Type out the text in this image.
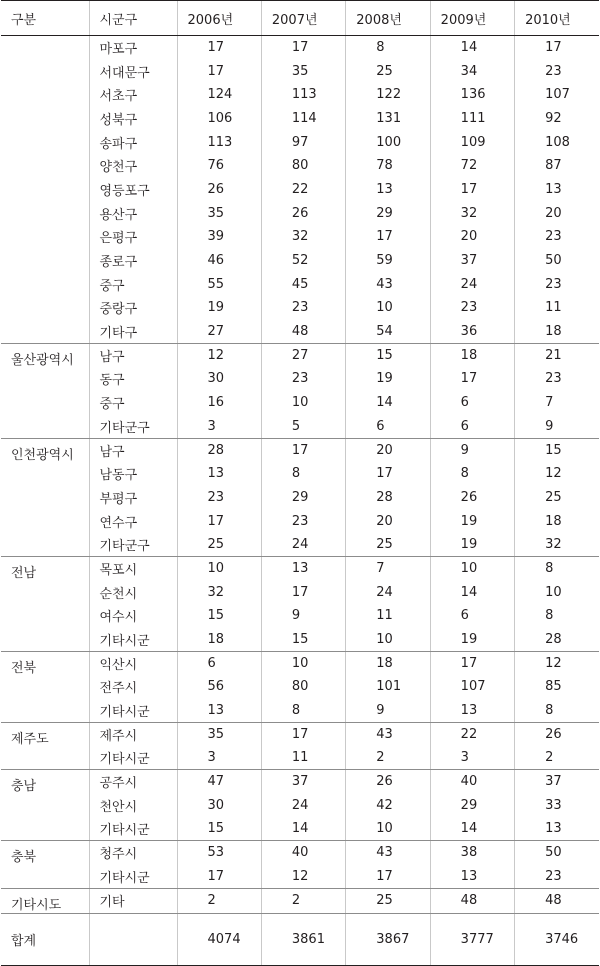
구분	시군구	2006년	2007년	2008년	2009년	2010년
	마포구	17	17	8	14	17
	서대문구	17	35	25	34	23
	서초구	124	113	122	136	107
	성북구	106	114	131	111	92
	송파구	113	97	100	109	108
	양천구	76	80	78	72	87
	영등포구	26	22	13	17	13
	용산구	35	26	29	32	20
	은평구	39	32	17	20	23
	종로구	46	52	59	37	50
	중구	55	45	43	24	23
	중랑구	19	23	10	23	11
	기타구	27	48	54	36	18
울산광역시	남구	12	27	15	18	21
	동구	30	23	19	17	23
	중구	16	10	14	6	7
	기타군구	3	5	6	6	9
인천광역시	남구	28	17	20	9	15
	남동구	13	8	17	8	12
	부평구	23	29	28	26	25
	연수구	17	23	20	19	18
	기타군구	25	24	25	19	32
전남	목포시	10	13	7	10	8
	순천시	32	17	24	14	10
	여수시	15	9	11	6	8
	기타시군	18	15	10	19	28
전북	익산시	6	10	18	17	12
	전주시	56	80	101	107	85
	기타시군	13	8	9	13	8
제주도	제주시	35	17	43	22	26
	기타시군	3	11	2	3	2
충남	공주시	47	37	26	40	37
	천안시	30	24	42	29	33
	기타시군	15	14	10	14	13
충북	청주시	53	40	43	38	50
	기타시군	17	12	17	13	23
기타시도	기타	2	2	25	48	48
합계		4074	3861	3867	3777	3746
